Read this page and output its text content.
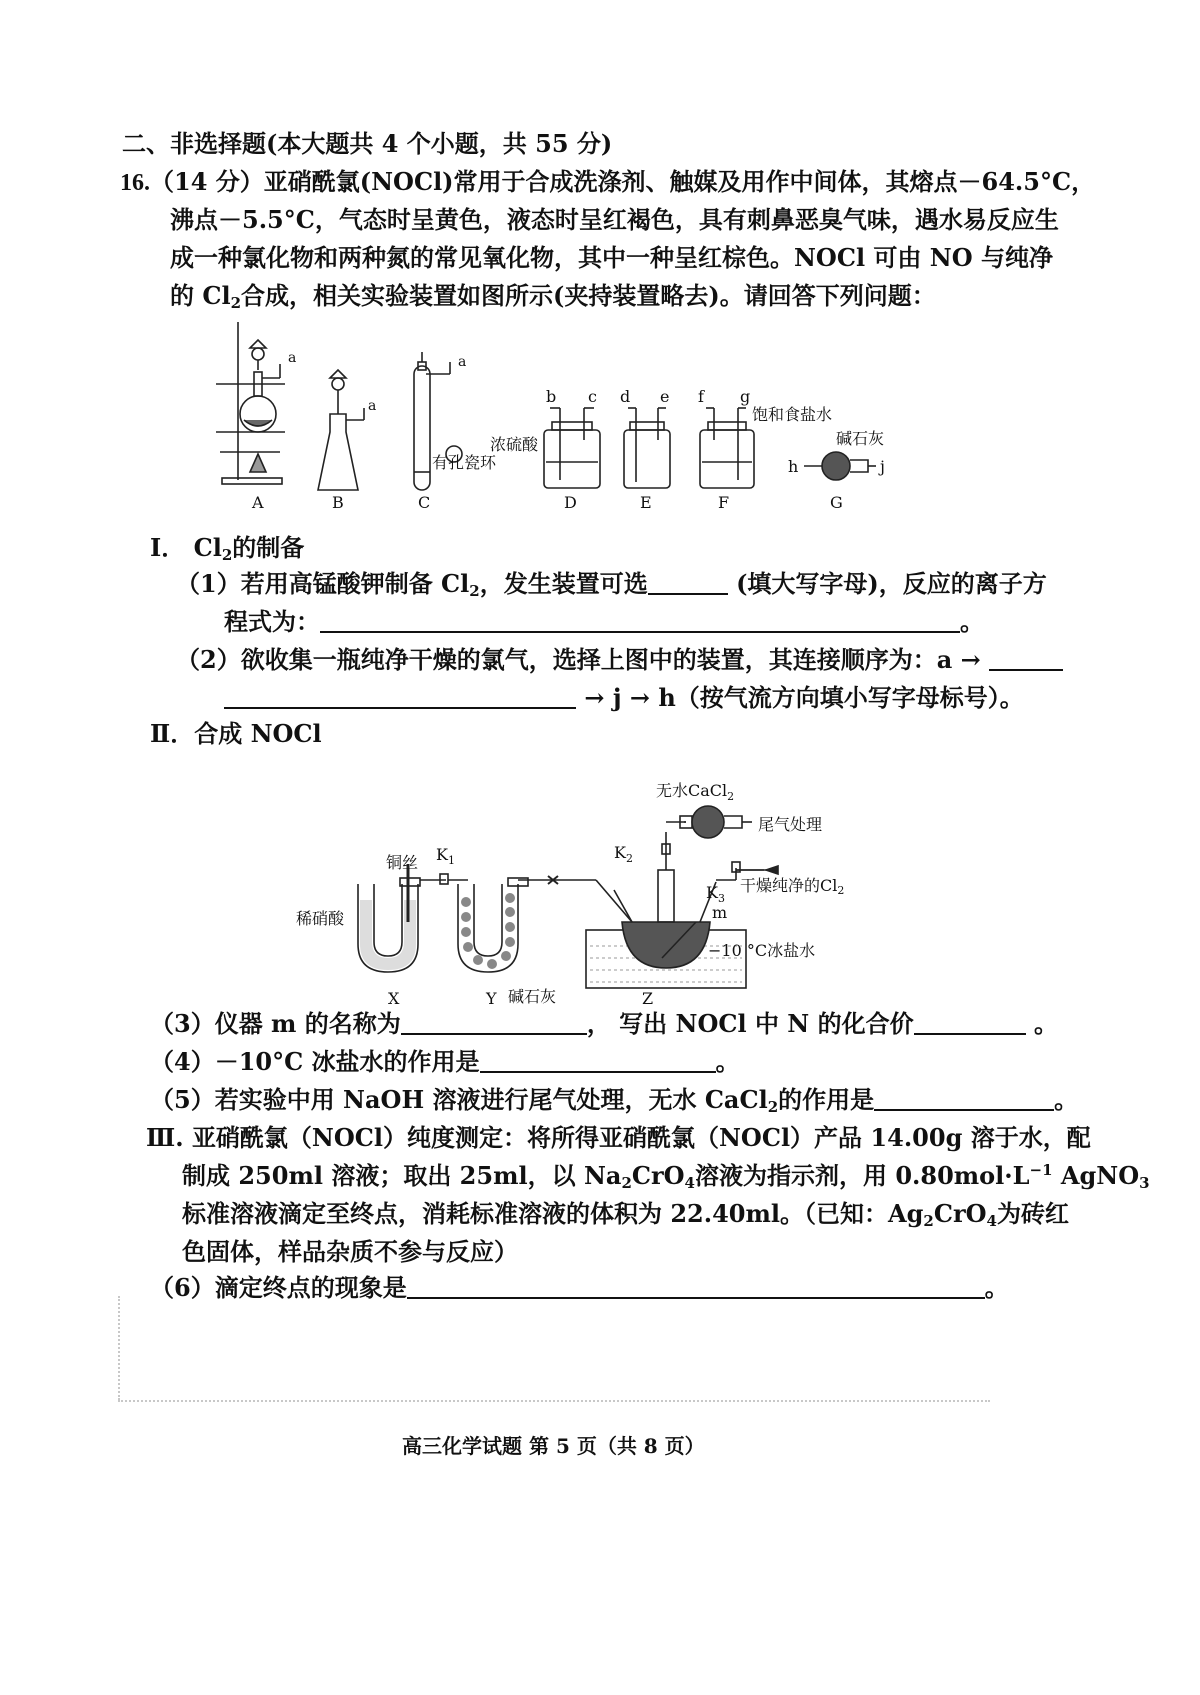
二、非选择题(本大题共 4 个小题，共 55 分)
16.（14 分）亚硝酰氯(NOCl)常用于合成洗涤剂、触媒及用作中间体，其熔点－64.5°C，
沸点－5.5°C，气态时呈黄色，液态时呈红褐色，具有刺鼻恶臭气味，遇水易反应生
成一种氯化物和两种氮的常见氧化物，其中一种呈红棕色。NOCl 可由 NO 与纯净
的 $Cl_2$合成，相关实验装置如图所示(夹持装置略去)。请回答下列问题：
a
a
a
有孔瓷环
b c
浓硫酸
d e f g
饱和食盐水
h	j
碱石灰
A	B	C	D	E	F	G
Ⅰ． $Cl_2$的制备
（1）若用高锰酸钾制备 $Cl_2$，发生装置可选	(填大写字母)，反应的离子方
程式为：	。
（2）欲收集一瓶纯净干燥的氯气，选择上图中的装置，其连接顺序为：a →
→ j → h（按气流方向填小写字母标号）。
Ⅱ．合成 NOCl
铜丝
稀硝酸
$K_1$
碱石灰
$K_2$
无水CaCl$_2$
尾气处理
$K_3$
m
−10 °C冰盐水
X	Y	Z
干燥纯净的$Cl_2$
（3）仪器 m 的名称为	， 写出 NOCl 中 N 的化合价	。
（4）－10°C 冰盐水的作用是	。
（5）若实验中用 NaOH 溶液进行尾气处理，无水 CaCl$_2$的作用是	。
Ⅲ. 亚硝酰氯（NOCl）纯度测定：将所得亚硝酰氯（NOCl）产品 14.00g 溶于水，配
制成 250ml 溶液；取出 25ml，以 $Na_2CrO_4$溶液为指示剂，用 $0.80mol\cdot L^{-1}$ AgNO$_3$
标准溶液滴定至终点，消耗标准溶液的体积为 22.40ml。（已知：$Ag_2CrO_4$为砖红
色固体，样品杂质不参与反应）
（6）滴定终点的现象是	。
高三化学试题 第 5 页（共 8 页）
